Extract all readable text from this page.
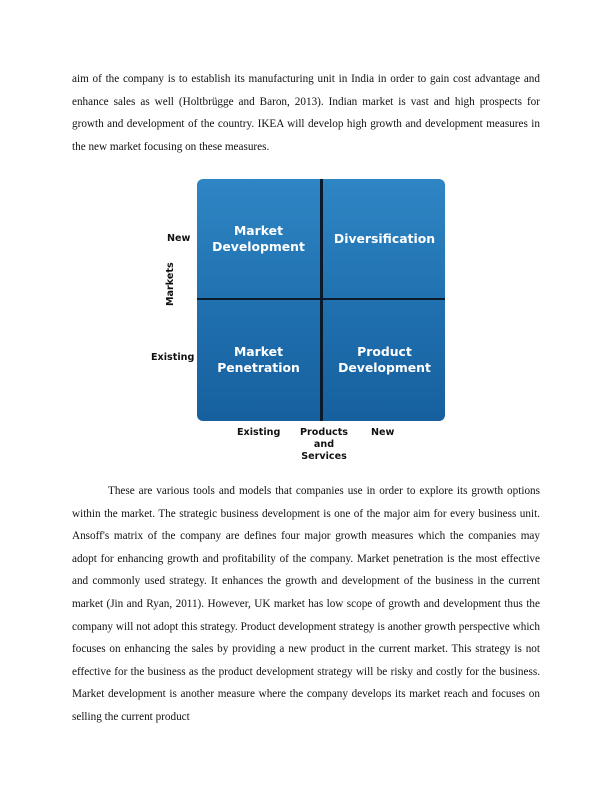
aim of the company is to establish its manufacturing unit in India in order to gain cost advantage and enhance sales as well (Holtbrügge and Baron, 2013). Indian market is vast and high prospects for growth and development of the country. IKEA will develop high growth and development measures in the new market focusing on these measures.

Market
Development
Diversification
Market
Penetration
Product
Development
New
Markets
Existing
Existing	Products and
Services
New

These are various tools and models that companies use in order to explore its growth options within the market. The strategic business development is one of the major aim for every business unit. Ansoff's matrix of the company are defines four major growth measures which the companies may adopt for enhancing growth and profitability of the company. Market penetration is the most effective and commonly used strategy. It enhances the growth and development of the business in the current market (Jin and Ryan, 2011). However, UK market has low scope of growth and development thus the company will not adopt this strategy. Product development strategy is another growth perspective which focuses on enhancing the sales by providing a new product in the current market. This strategy is not effective for the business as the product development strategy will be risky and costly for the business. Market development is another measure where the company develops its market reach and focuses on selling the current product
